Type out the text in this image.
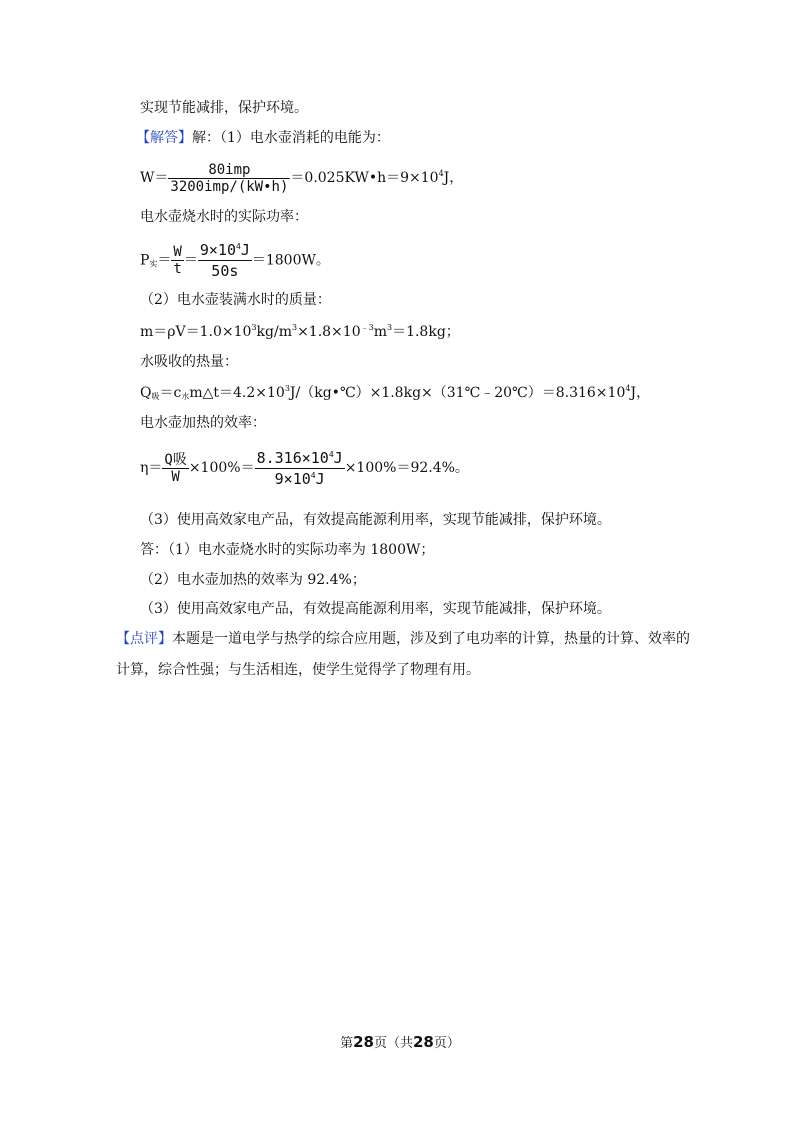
实现节能减排，保护环境。
【解答】解：（1）电水壶消耗的电能为：
$W= \frac{\text{80imp}}{\text{3200imp/(kW•h)}}$ $=0.025KW•h=9\times 10^4J$，
电水壶烧水时的实际功率：
$P_实= \frac{W}{t} = \frac{9\times 10^4J}{50s} =1800W$。
（2）电水壶装满水时的质量：
$m=\rho V=1.0\times 10^3kg/m^3\times 1.8\times 10^{﹣3}m^3=1.8kg$；
水吸收的热量：
$Q_吸=c_水m\triangle t=4.2\times 10^3J/(kg•℃)\times 1.8kg\times(31℃﹣20℃)=8.316\times 10^4J$，
电水壶加热的效率：
$\eta= \frac{\text{Q吸}}{W} \times 100\%= \frac{8.316\times 10^4J}{9\times 10^4J} \times 100\%=92.4\%$。
（3）使用高效家电产品，有效提高能源利用率，实现节能减排，保护环境。
答：（1）电水壶烧水时的实际功率为 1800W；
（2）电水壶加热的效率为 92.4%；
（3）使用高效家电产品，有效提高能源利用率，实现节能减排，保护环境。
【点评】本题是一道电学与热学的综合应用题，涉及到了电功率的计算，热量的计算、效率的
计算，综合性强；与生活相连，使学生觉得学了物理有用。
第28页（共28页）
